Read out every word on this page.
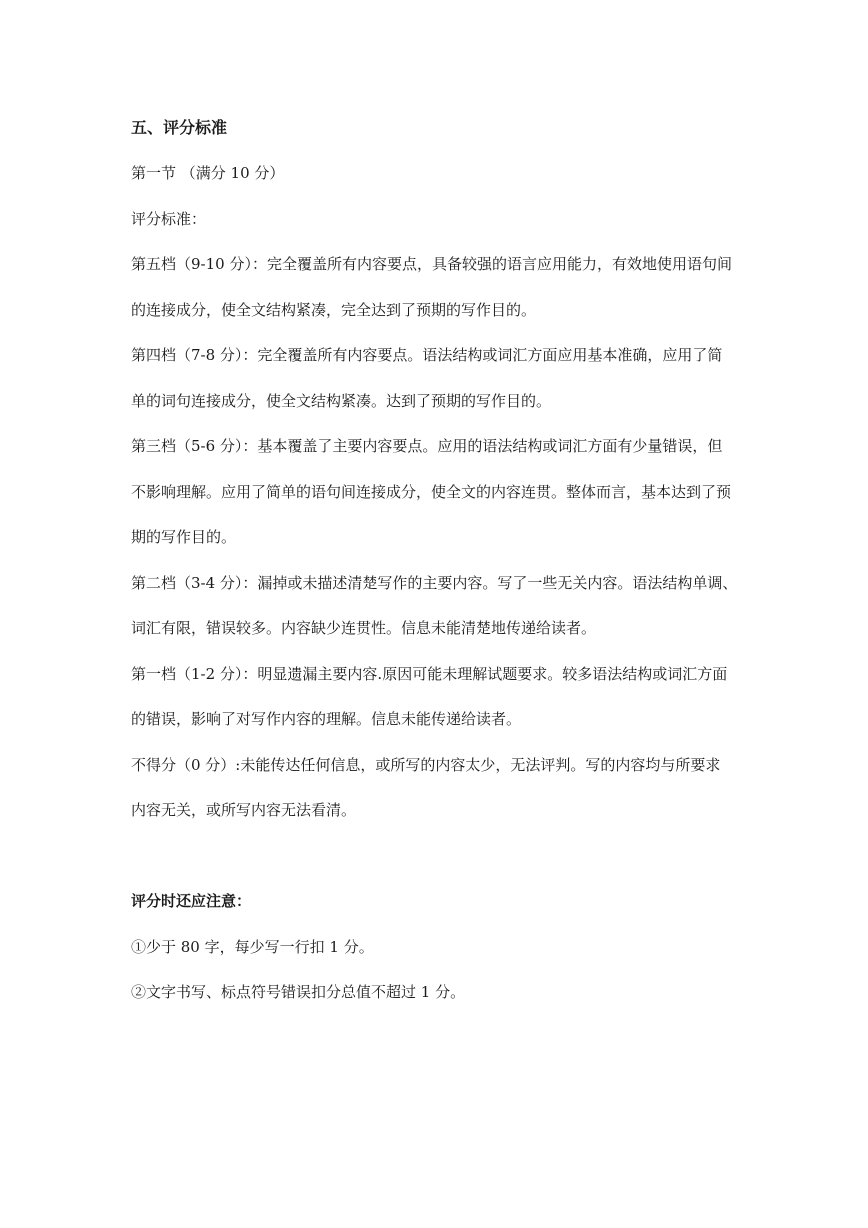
五、评分标准
第一节 （满分 10 分）
评分标准：
第五档（9-10 分）：完全覆盖所有内容要点，具备较强的语言应用能力，有效地使用语句间
的连接成分，使全文结构紧凑，完全达到了预期的写作目的。
第四档（7-8 分）：完全覆盖所有内容要点。语法结构或词汇方面应用基本准确，应用了简
单的词句连接成分，使全文结构紧凑。达到了预期的写作目的。
第三档（5-6 分）：基本覆盖了主要内容要点。应用的语法结构或词汇方面有少量错误，但
不影响理解。应用了简单的语句间连接成分，使全文的内容连贯。整体而言，基本达到了预
期的写作目的。
第二档（3-4 分）：漏掉或未描述清楚写作的主要内容。写了一些无关内容。语法结构单调、
词汇有限，错误较多。内容缺少连贯性。信息未能清楚地传递给读者。
第一档（1-2 分）：明显遗漏主要内容.原因可能未理解试题要求。较多语法结构或词汇方面
的错误，影响了对写作内容的理解。信息未能传递给读者。
不得分（0 分）:未能传达任何信息，或所写的内容太少，无法评判。写的内容均与所要求
内容无关，或所写内容无法看清。
评分时还应注意：
①少于 80 字，每少写一行扣 1 分。
②文字书写、标点符号错误扣分总值不超过 1 分。
